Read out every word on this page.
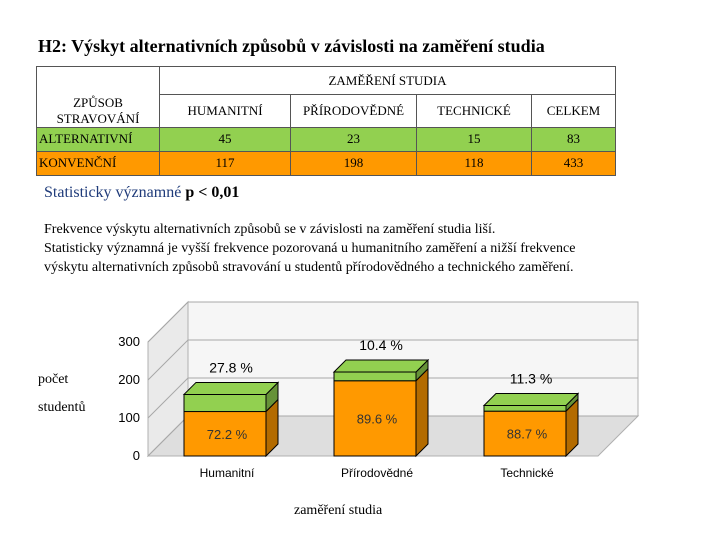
H2: Výskyt alternativních způsobů v závislosti na zaměření studia
	ZAMĚŘENÍ STUDIA			
ZPŮSOB STRAVOVÁNÍ	HUMANITNÍ	PŘÍRODOVĚDNÉ	TECHNICKÉ	CELKEM
ALTERNATIVNÍ	45	23	15	83
KONVENČNÍ	117	198	118	433
Statisticky významné p < 0,01
Frekvence výskytu alternativních způsobů se v závislosti na zaměření studia liší.
Statisticky významná je vyšší frekvence pozorovaná u humanitního zaměření a nižší frekvence
výskytu alternativních způsobů stravování u studentů přírodovědného a technického zaměření.
0
100
200
300
72.2 %
27.8 %
Humanitní
89.6 %
10.4 %
Přírodovědné
88.7 %
11.3 %
Technické
počet
studentů
zaměření studia
